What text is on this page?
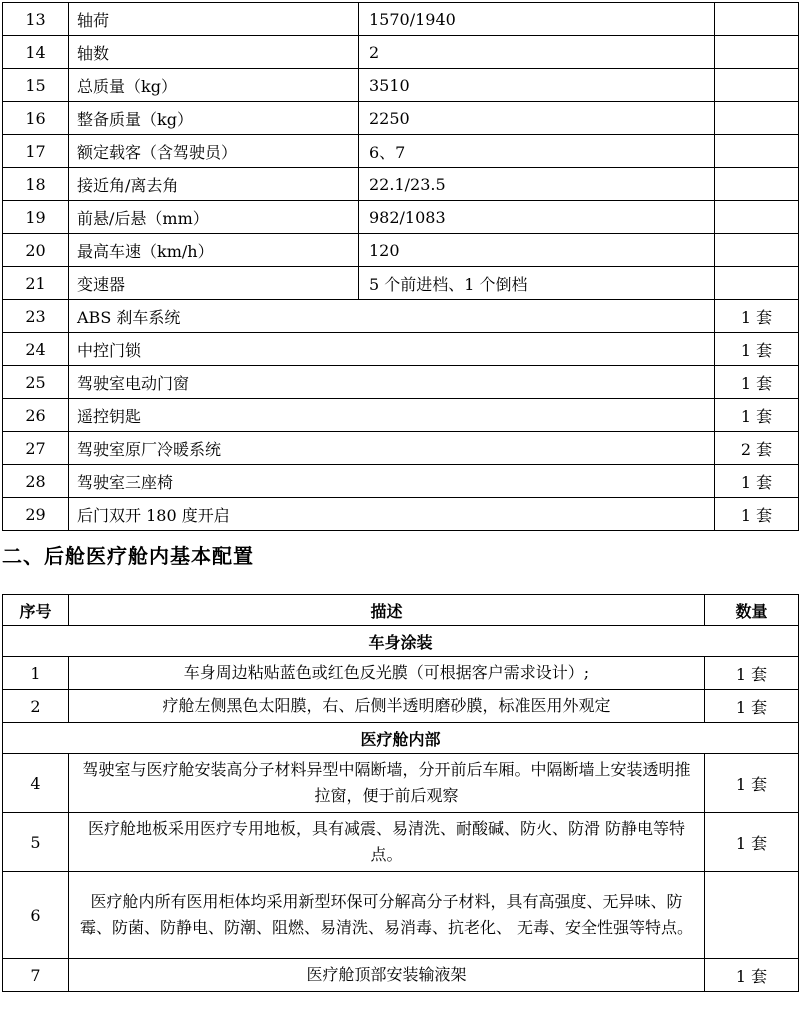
13	轴荷	1570/1940	
14	轴数	2	
15	总质量（kg）	3510	
16	整备质量（kg）	2250	
17	额定载客（含驾驶员）	6、7	
18	接近角/离去角	22.1/23.5	
19	前悬/后悬（mm）	982/1083	
20	最高车速（km/h）	120	
21	变速器	5 个前进档、1 个倒档	
23	ABS 刹车系统		1 套
24	中控门锁		1 套
25	驾驶室电动门窗		1 套
26	遥控钥匙		1 套
27	驾驶室原厂冷暖系统		2 套
28	驾驶室三座椅		1 套
29	后门双开 180 度开启		1 套
二、后舱医疗舱内基本配置
序号	描述	数量
车身涂装		
1	车身周边粘贴蓝色或红色反光膜（可根据客户需求设计）;	1 套
2	疗舱左侧黑色太阳膜，右、后侧半透明磨砂膜，标准医用外观定	1 套
医疗舱内部		
4	驾驶室与医疗舱安装高分子材料异型中隔断墙，分开前后车厢。中隔断墙上安装透明推拉窗，便于前后观察	1 套
5	医疗舱地板采用医疗专用地板，具有减震、易清洗、耐酸碱、防火、防滑 防静电等特点。	1 套
6	医疗舱内所有医用柜体均采用新型环保可分解高分子材料，具有高强度、无异味、防霉、防菌、防静电、防潮、阻燃、易清洗、易消毒、抗老化、 无毒、安全性强等特点。	
7	医疗舱顶部安装输液架	1 套
